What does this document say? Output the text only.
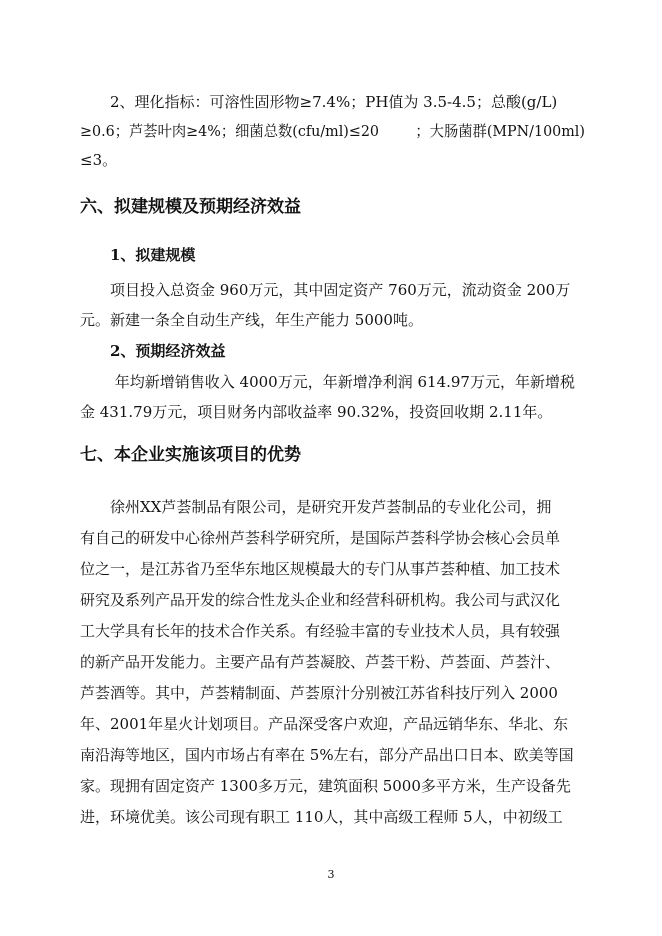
2、理化指标：可溶性固形物≥7.4%；PH值为 3.5-4.5；总酸(g/L)
≥0.6；芦荟叶肉≥4%；细菌总数(cfu/ml)≤20        ；大肠菌群(MPN/100ml)
≤3。
六、拟建规模及预期经济效益
1、拟建规模
项目投入总资金 960万元，其中固定资产 760万元，流动资金 200万
元。新建一条全自动生产线，年生产能力 5000吨。
2、预期经济效益
年均新增销售收入 4000万元，年新增净利润 614.97万元，年新增税
金 431.79万元，项目财务内部收益率 90.32%，投资回收期 2.11年。
七、本企业实施该项目的优势
徐州XX芦荟制品有限公司，是研究开发芦荟制品的专业化公司，拥
有自己的研发中心徐州芦荟科学研究所，是国际芦荟科学协会核心会员单
位之一，是江苏省乃至华东地区规模最大的专门从事芦荟种植、加工技术
研究及系列产品开发的综合性龙头企业和经营科研机构。我公司与武汉化
工大学具有长年的技术合作关系。有经验丰富的专业技术人员，具有较强
的新产品开发能力。主要产品有芦荟凝胶、芦荟干粉、芦荟面、芦荟汁、
芦荟酒等。其中，芦荟精制面、芦荟原汁分别被江苏省科技厅列入 2000
年、2001年星火计划项目。产品深受客户欢迎，产品远销华东、华北、东
南沿海等地区，国内市场占有率在 5%左右，部分产品出口日本、欧美等国
家。现拥有固定资产 1300多万元，建筑面积 5000多平方米，生产设备先
进，环境优美。该公司现有职工 110人，其中高级工程师 5人，中初级工
3
